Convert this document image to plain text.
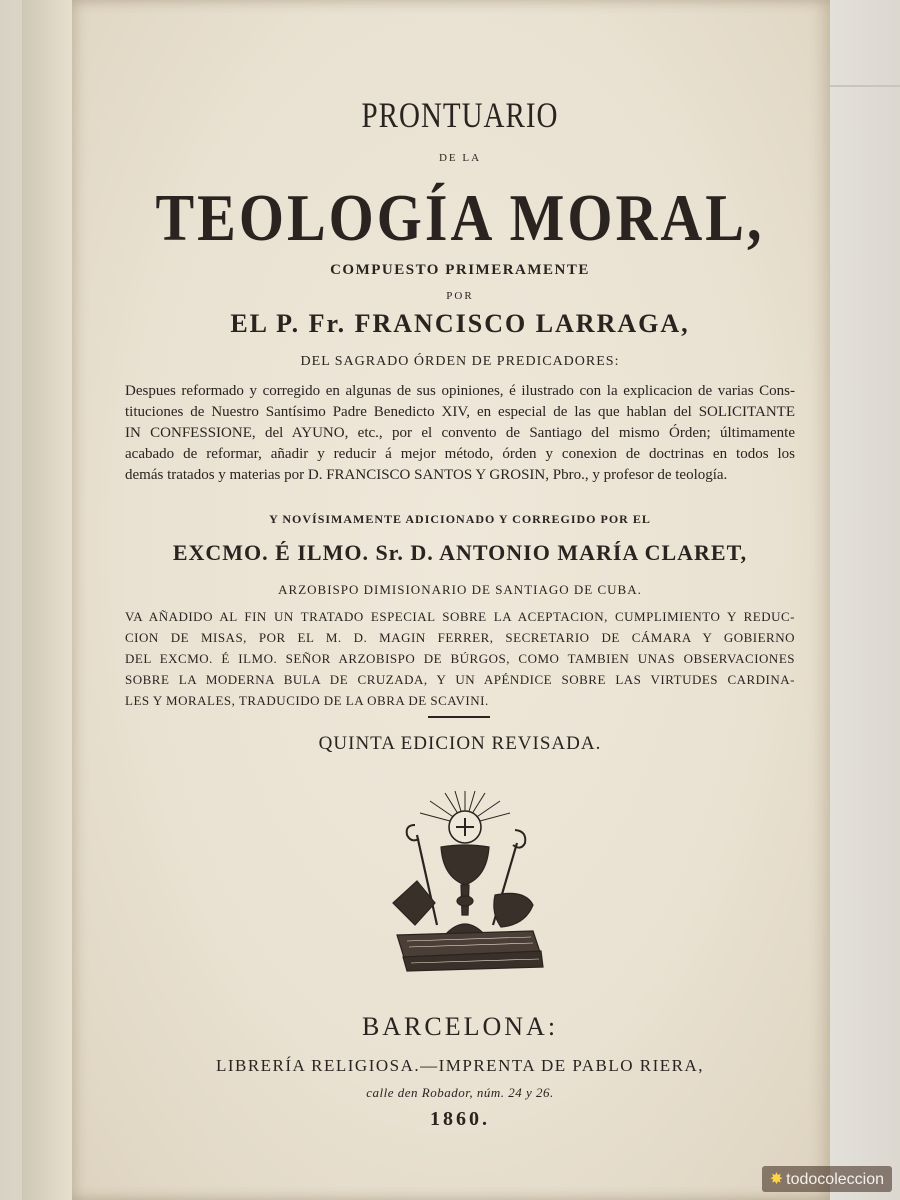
PRONTUARIO
DE LA
TEOLOGÍA MORAL,
COMPUESTO PRIMERAMENTE
POR
EL P. Fr. FRANCISCO LARRAGA,
DEL SAGRADO ÓRDEN DE PREDICADORES:
Despues reformado y corregido en algunas de sus opiniones, é ilustrado con la explicacion de varias Cons-
tituciones de Nuestro Santísimo Padre Benedicto XIV, en especial de las que hablan del SOLICITANTE
IN CONFESSIONE, del AYUNO, etc., por el convento de Santiago del mismo Órden; últimamente
acabado de reformar, añadir y reducir á mejor método, órden y conexion de doctrinas en todos los
demás tratados y materias por D. FRANCISCO SANTOS Y GROSIN, Pbro., y profesor de teología.
Y NOVÍSIMAMENTE ADICIONADO Y CORREGIDO POR EL
EXCMO. É ILMO. Sr. D. ANTONIO MARÍA CLARET,
ARZOBISPO DIMISIONARIO DE SANTIAGO DE CUBA.
VA AÑADIDO AL FIN UN TRATADO ESPECIAL SOBRE LA ACEPTACION, CUMPLIMIENTO Y REDUC-
CION DE MISAS, POR EL M. D. MAGIN FERRER, SECRETARIO DE CÁMARA Y GOBIERNO
DEL EXCMO. É ILMO. SEÑOR ARZOBISPO DE BÚRGOS, COMO TAMBIEN UNAS OBSERVACIONES
SOBRE LA MODERNA BULA DE CRUZADA, Y UN APÉNDICE SOBRE LAS VIRTUDES CARDINA-
LES Y MORALES, TRADUCIDO DE LA OBRA DE SCAVINI.
QUINTA EDICION REVISADA.
BARCELONA:
LIBRERÍA RELIGIOSA.—IMPRENTA DE PABLO RIERA,
calle den Robador, núm. 24 y 26.
1860.
✸ todocoleccion
